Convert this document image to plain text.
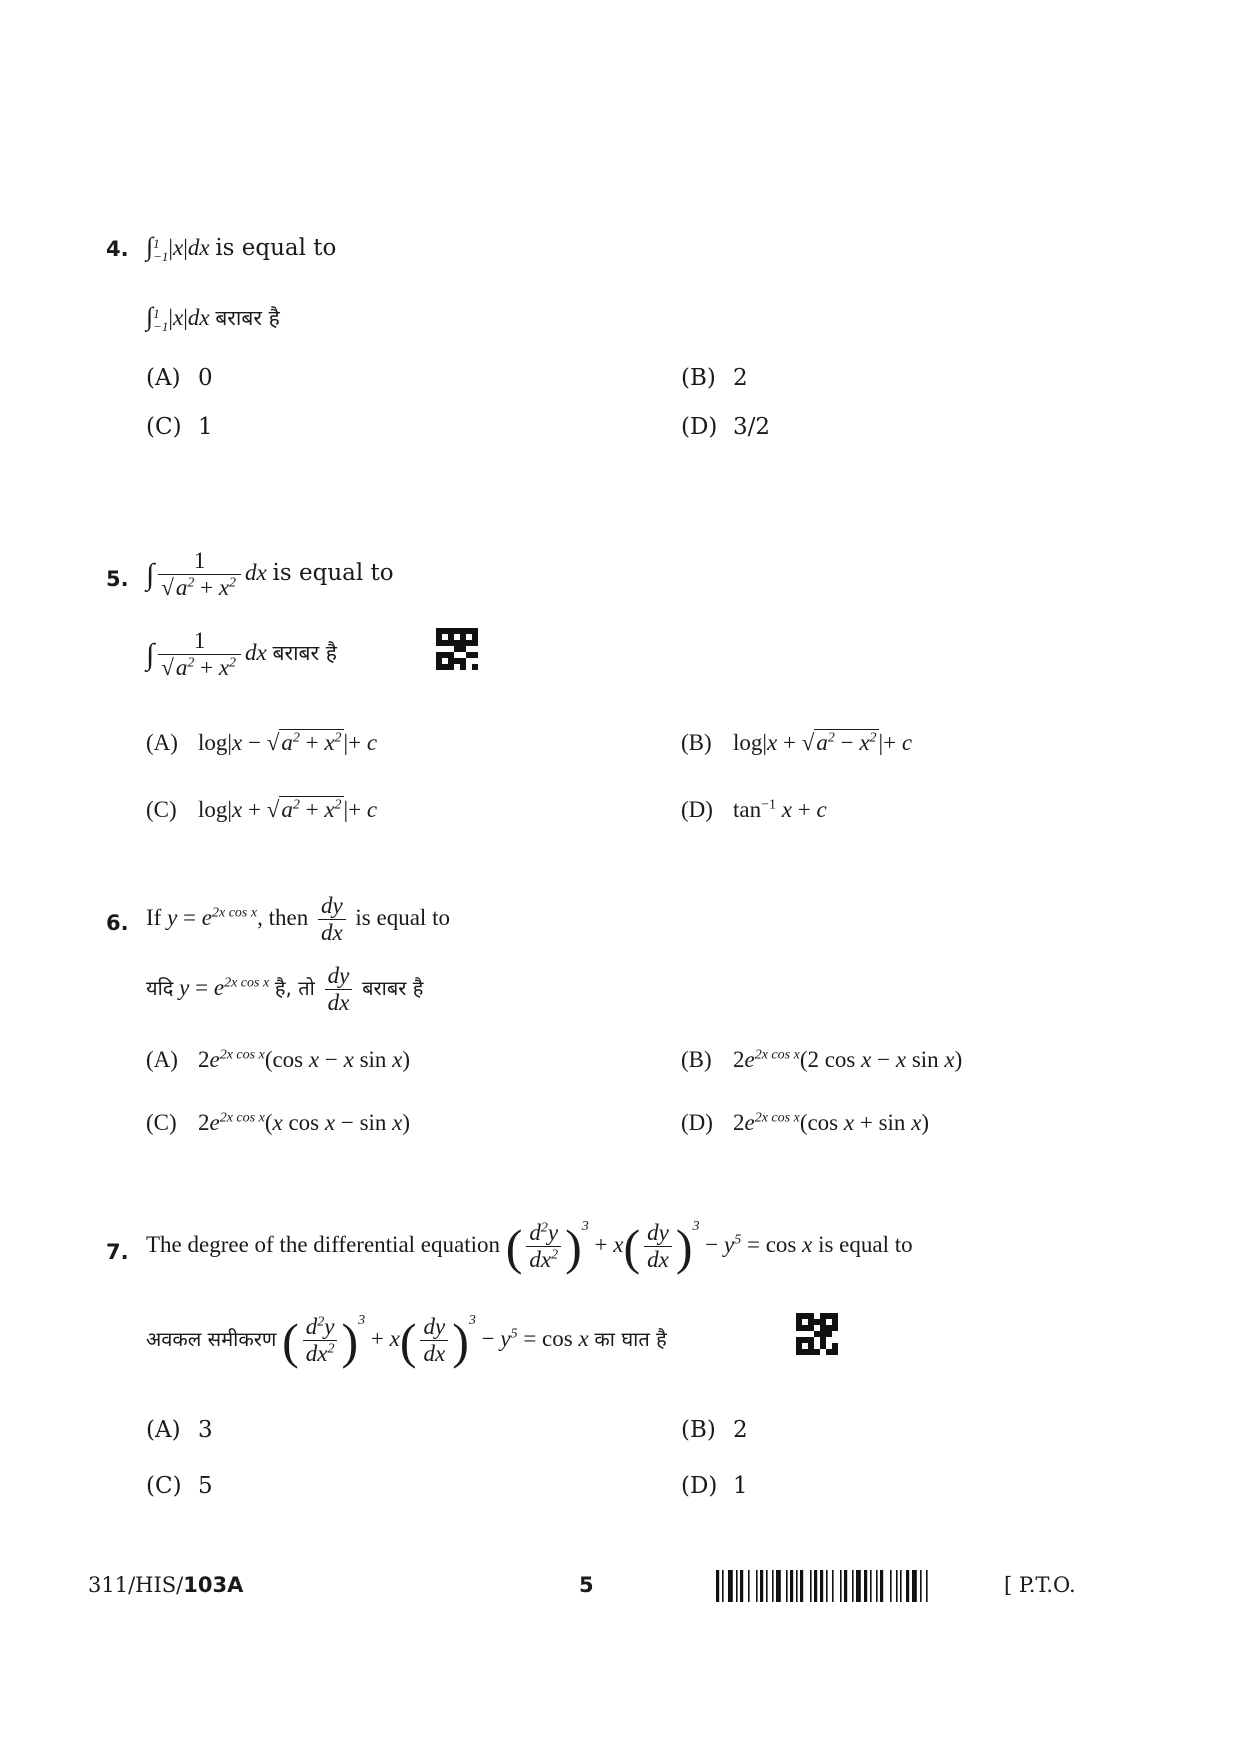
4. ∫ 1
−1 |x|dx is equal to
∫ 1
−1 |x|dx बराबर है
(A) 0	(B) 2
(C) 1	(D) 3/2
5. ∫ $\frac{1}{√a^2 + x^2}$ dx is equal to
∫ $\frac{1}{√a^2 + x^2}$ dx बराबर है
(A) $\log|x - √a^2 + x^2|+ c$	(B) $\log|x + √a^2 - x^2|+ c$
(C) $\log|x + √a^2 + x^2|+ c$	(D) $\tan^{-1} x + c$
6. If $y = e^{2x cos x}$, then $\frac{dy}{dx}$ is equal to
यदि $y = e^{2x cos x}$ है, तो $\frac{dy}{dx}$ बराबर है
(A) $2e^{2x cos x}(\cos$ x − x sin x)	(B) $2e^{2x cos x}(2$ cos x − x sin x)
(C) $2e^{2x cos x}(x$ cos x − sin x)	(D) $2e^{2x cos x}(\cos$ x + sin x)
7. The degree of the differential equation ( $\frac{d^2y}{dx^2} )^3 + x( \frac{dy}{dx} )^3 - y^5 = \cos x$ is equal to
अवकल समीकरण ( $\frac{d^2y}{dx^2} )^3 + x( \frac{dy}{dx} )^3 - y^5 = \cos x$ का घात है
(A) 3	(B) 2
(C) 5	(D) 1
311/HIS/103A	5	[ P.T.O.
